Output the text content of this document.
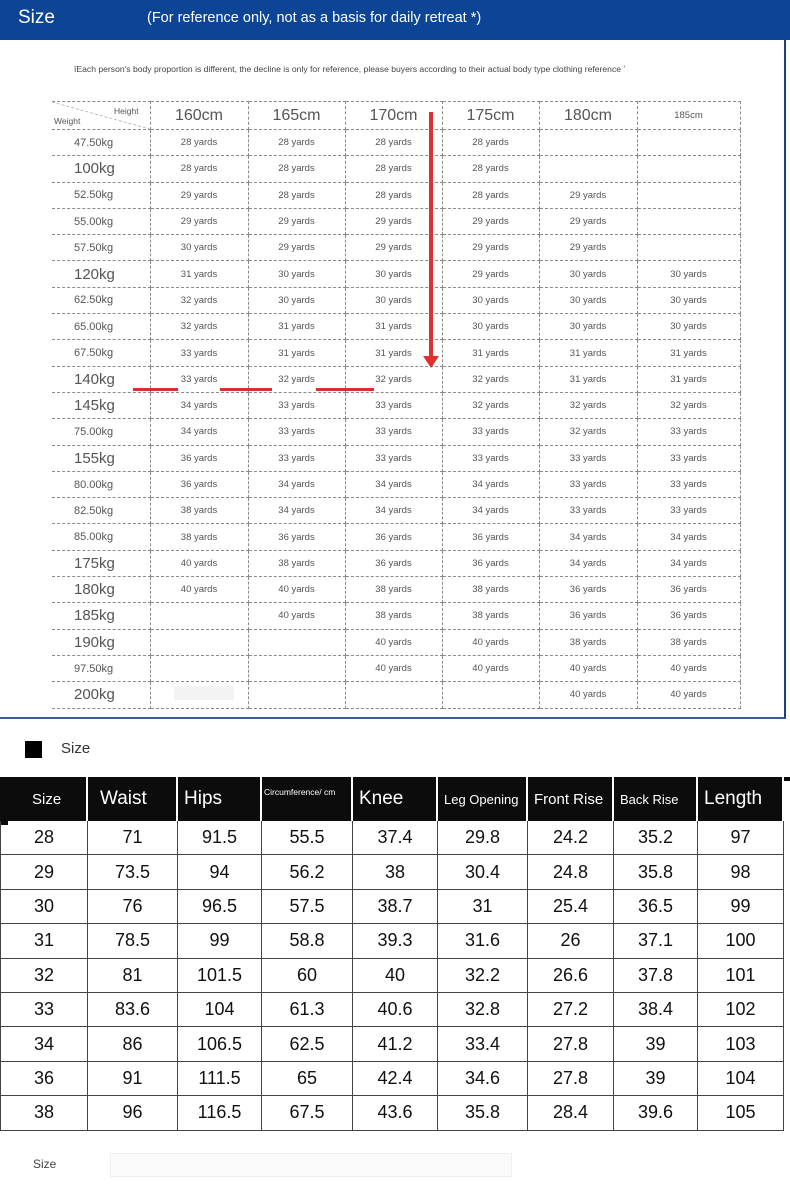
Size	(For reference only, not as a basis for daily retreat *)
īEach person's body proportion is different, the decline is only for reference, please buyers according to their actual body type clothing reference ʼ
Height
Weight	160cm	165cm	170cm	175cm	180cm	185cm
47.50kg	28 yards	28 yards	28 yards	28 yards		
100kg	28 yards	28 yards	28 yards	28 yards		
52.50kg	29 yards	28 yards	28 yards	28 yards	29 yards	
55.00kg	29 yards	29 yards	29 yards	29 yards	29 yards	
57.50kg	30 yards	29 yards	29 yards	29 yards	29 yards	
120kg	31 yards	30 yards	30 yards	29 yards	30 yards	30 yards
62.50kg	32 yards	30 yards	30 yards	30 yards	30 yards	30 yards
65.00kg	32 yards	31 yards	31 yards	30 yards	30 yards	30 yards
67.50kg	33 yards	31 yards	31 yards	31 yards	31 yards	31 yards
140kg	33 yards	32 yards	32 yards	32 yards	31 yards	31 yards
145kg	34 yards	33 yards	33 yards	32 yards	32 yards	32 yards
75.00kg	34 yards	33 yards	33 yards	33 yards	32 yards	33 yards
155kg	36 yards	33 yards	33 yards	33 yards	33 yards	33 yards
80.00kg	36 yards	34 yards	34 yards	34 yards	33 yards	33 yards
82.50kg	38 yards	34 yards	34 yards	34 yards	33 yards	33 yards
85.00kg	38 yards	36 yards	36 yards	36 yards	34 yards	34 yards
175kg	40 yards	38 yards	36 yards	36 yards	34 yards	34 yards
180kg	40 yards	40 yards	38 yards	38 yards	36 yards	36 yards
185kg		40 yards	38 yards	38 yards	36 yards	36 yards
190kg			40 yards	40 yards	38 yards	38 yards
97.50kg			40 yards	40 yards	40 yards	40 yards
200kg					40 yards	40 yards
Size
Size	Waist	Hips	Circumference/ cm	Knee	Leg Opening	Front Rise	Back Rise	Length
28	71	91.5	55.5	37.4	29.8	24.2	35.2	97
29	73.5	94	56.2	38	30.4	24.8	35.8	98
30	76	96.5	57.5	38.7	31	25.4	36.5	99
31	78.5	99	58.8	39.3	31.6	26	37.1	100
32	81	101.5	60	40	32.2	26.6	37.8	101
33	83.6	104	61.3	40.6	32.8	27.2	38.4	102
34	86	106.5	62.5	41.2	33.4	27.8	39	103
36	91	111.5	65	42.4	34.6	27.8	39	104
38	96	116.5	67.5	43.6	35.8	28.4	39.6	105
Size
